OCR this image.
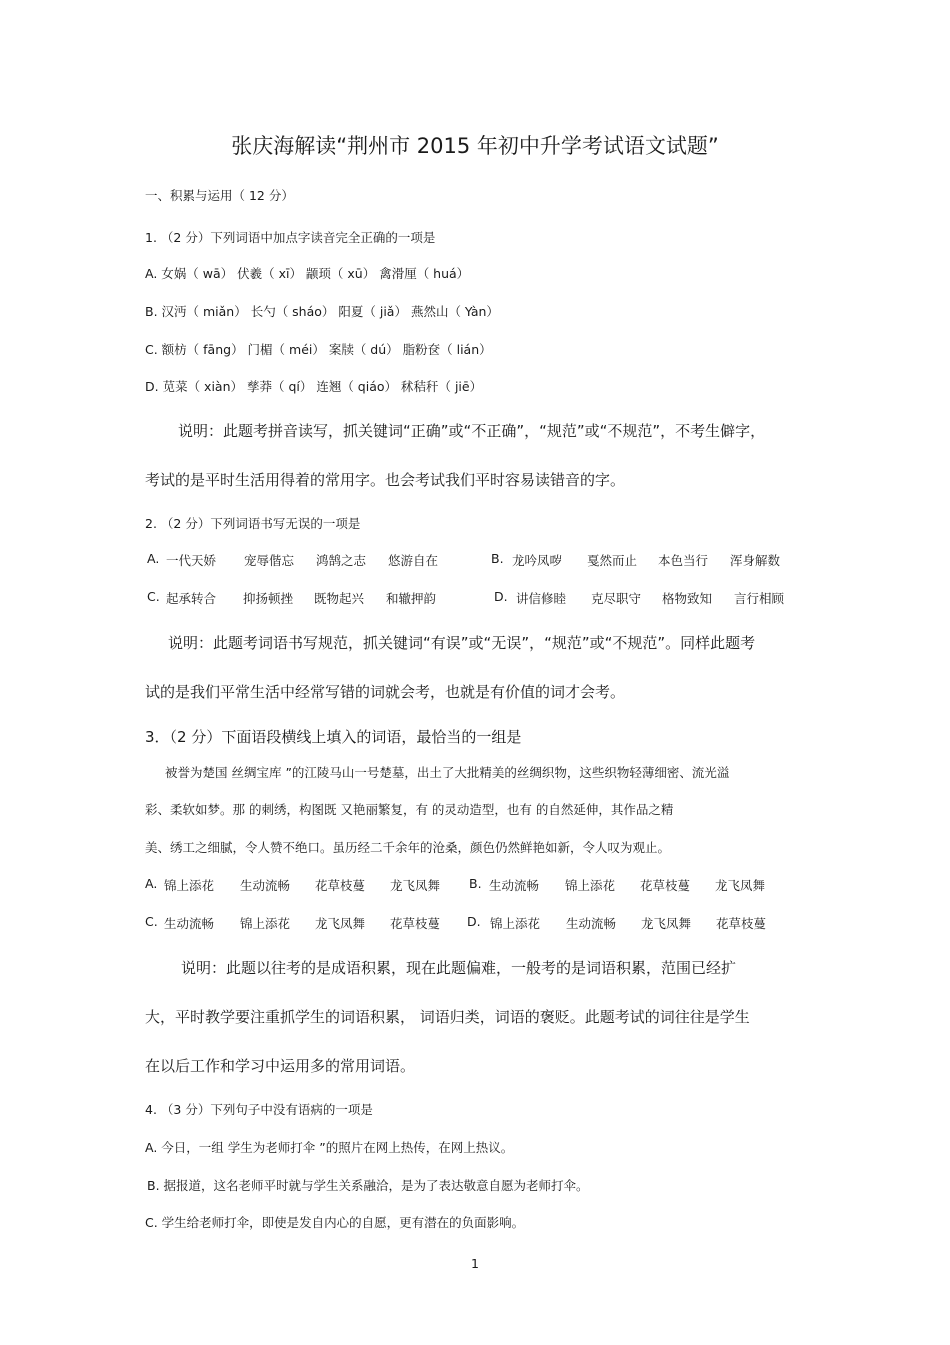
张庆海解读“荆州市 2015 年初中升学考试语文试题”
一、积累与运用（ 12 分）
1. （2 分）下列词语中加点字读音完全正确的一项是
A. 女娲（ wā） 伏羲（ xī） 颛顼（ xū） 禽滑厘（ huá）
B. 汉沔（ miǎn） 长勺（ sháo） 阳夏（ jiǎ） 燕然山（ Yàn）
C. 额枋（ fāng） 门楣（ méi） 案牍（ dú） 脂粉奁（ lián）
D. 苋菜（ xiàn） 孳莽（ qí） 连翘（ qiáo） 秫秸秆（ jiē）
说明：此题考拼音读写，抓关键词“正确”或“不正确”，“规范”或“不规范”，不考生僻字，
考试的是平时生活用得着的常用字。也会考试我们平时容易读错音的字。
2. （2 分）下列词语书写无误的一项是
A. 一代天娇 宠辱偕忘 鸿鹄之志 悠游自在	B. 龙吟凤哕 戛然而止 本色当行 浑身解数
C. 起承转合 抑扬顿挫 既物起兴 和辙押韵	D. 讲信修睦 克尽职守 格物致知 言行相顾
说明：此题考词语书写规范，抓关键词“有误”或“无误”，“规范”或“不规范”。同样此题考
试的是我们平常生活中经常写错的词就会考，也就是有价值的词才会考。
3．（2 分）下面语段横线上填入的词语，最恰当的一组是
被誉为楚国 丝绸宝库 ”的江陵马山一号楚墓，出土了大批精美的丝绸织物，这些织物轻薄细密、流光溢
彩、柔软如梦。那 的刺绣，构图既 又艳丽繁复，有 的灵动造型，也有 的自然延伸，其作品之精
美、绣工之细腻，令人赞不绝口。虽历经二千余年的沧桑，颜色仍然鲜艳如新，令人叹为观止。
A. 锦上添花 生动流畅 花草枝蔓 龙飞凤舞 B. 生动流畅 锦上添花 花草枝蔓 龙飞凤舞
C. 生动流畅 锦上添花 龙飞凤舞 花草枝蔓 D. 锦上添花 生动流畅 龙飞凤舞 花草枝蔓
说明：此题以往考的是成语积累，现在此题偏难，一般考的是词语积累，范围已经扩
大，平时教学要注重抓学生的词语积累， 词语归类，词语的褒贬。此题考试的词往往是学生
在以后工作和学习中运用多的常用词语。
4. （3 分）下列句子中没有语病的一项是
A. 今日，一组 学生为老师打伞 ”的照片在网上热传，在网上热议。
B. 据报道，这名老师平时就与学生关系融洽，是为了表达敬意自愿为老师打伞。
C. 学生给老师打伞，即使是发自内心的自愿，更有潜在的负面影响。
1
